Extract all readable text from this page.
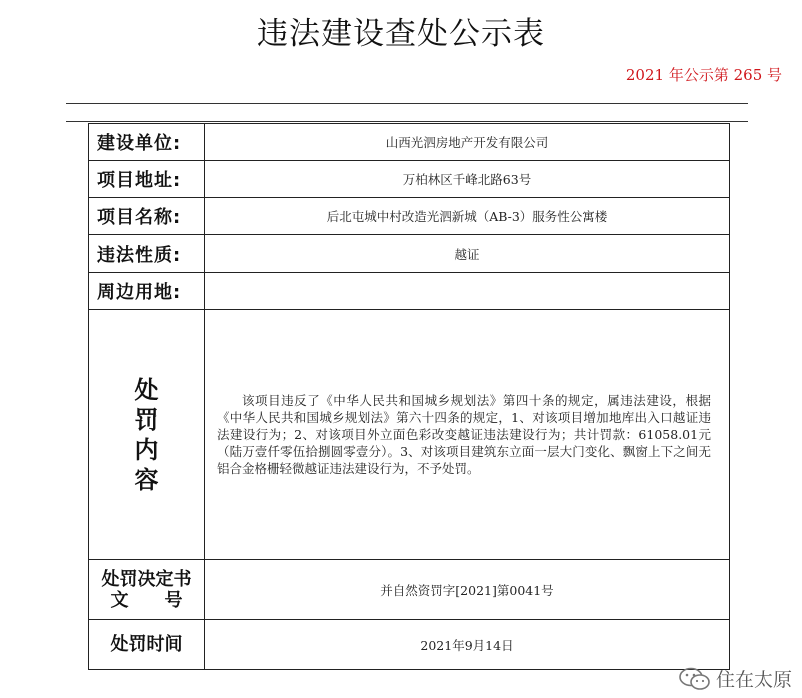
违法建设查处公示表
2021 年公示第 265 号
建设单位:	山西光泗房地产开发有限公司
项目地址:	万柏林区千峰北路63号
项目名称:	后北屯城中村改造光泗新城（AB-3）服务性公寓楼
违法性质:	越证
周边用地:	

处
罚
内
容	该项目违反了《中华人民共和国城乡规划法》第四十条的规定，属违法建设，根据《中华人民共和国城乡规划法》第六十四条的规定，1、对该项目增加地库出入口越证违法建设行为；2、对该项目外立面色彩改变越证违法建设行为；共计罚款：61058.01元（陆万壹仟零伍拾捌圆零壹分）。3、对该项目建筑东立面一层大门变化、飘窗上下之间无铝合金格栅轻微越证违法建设行为，不予处罚。

处罚决定书
文　　号	并自然资罚字[2021]第0041号
处罚时间	2021年9月14日
住在太原
